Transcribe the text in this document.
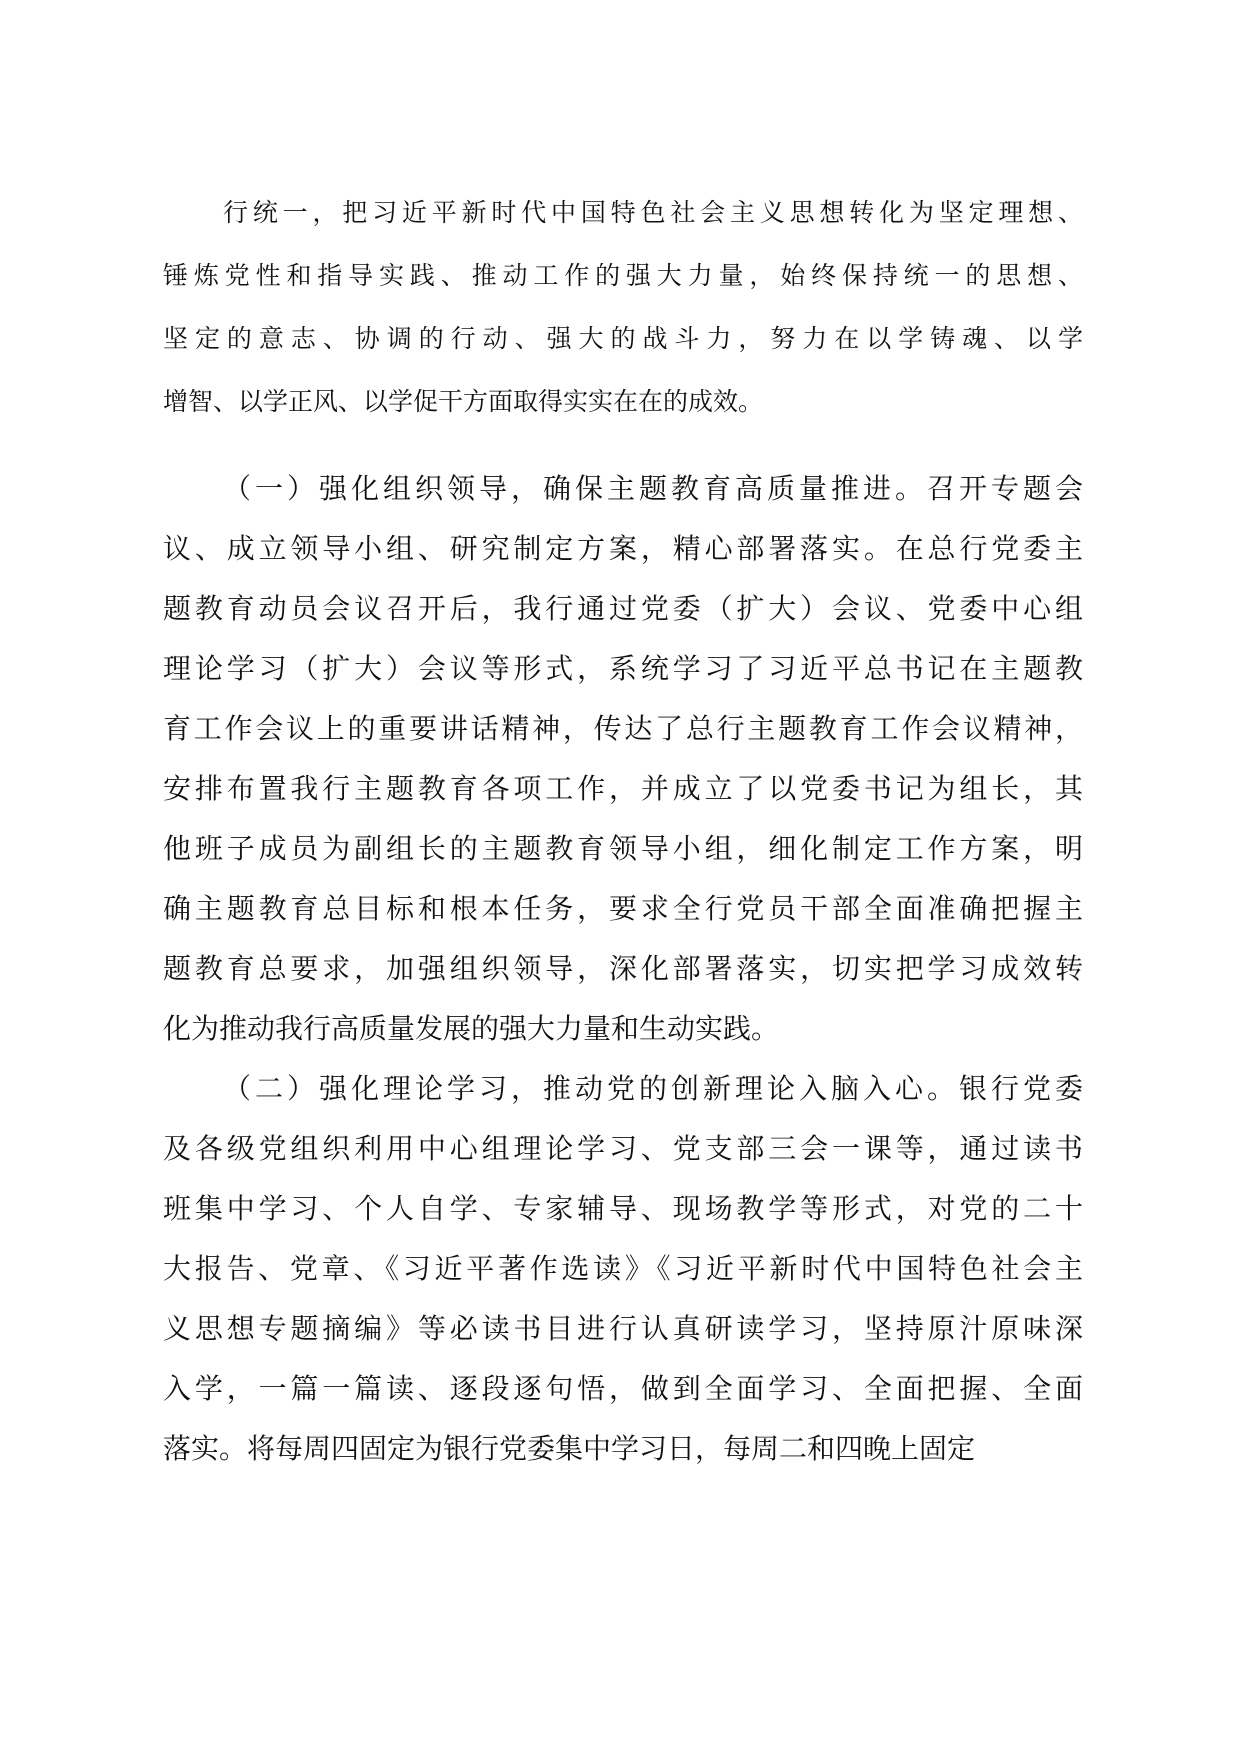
行统一，把习近平新时代中国特色社会主义思想转化为坚定理想、
锤炼党性和指导实践、推动工作的强大力量，始终保持统一的思想、
坚定的意志、协调的行动、强大的战斗力，努力在以学铸魂、以学
增智、以学正风、以学促干方面取得实实在在的成效。
（一）强化组织领导，确保主题教育高质量推进。召开专题会
议、成立领导小组、研究制定方案，精心部署落实。在总行党委主
题教育动员会议召开后，我行通过党委（扩大）会议、党委中心组
理论学习（扩大）会议等形式，系统学习了习近平总书记在主题教
育工作会议上的重要讲话精神，传达了总行主题教育工作会议精神，
安排布置我行主题教育各项工作，并成立了以党委书记为组长，其
他班子成员为副组长的主题教育领导小组，细化制定工作方案，明
确主题教育总目标和根本任务，要求全行党员干部全面准确把握主
题教育总要求，加强组织领导，深化部署落实，切实把学习成效转
化为推动我行高质量发展的强大力量和生动实践。
（二）强化理论学习，推动党的创新理论入脑入心。银行党委
及各级党组织利用中心组理论学习、党支部三会一课等，通过读书
班集中学习、个人自学、专家辅导、现场教学等形式，对党的二十
大报告、党章、《习近平著作选读》《习近平新时代中国特色社会主
义思想专题摘编》等必读书目进行认真研读学习，坚持原汁原味深
入学，一篇一篇读、逐段逐句悟，做到全面学习、全面把握、全面
落实。将每周四固定为银行党委集中学习日，每周二和四晚上固定
